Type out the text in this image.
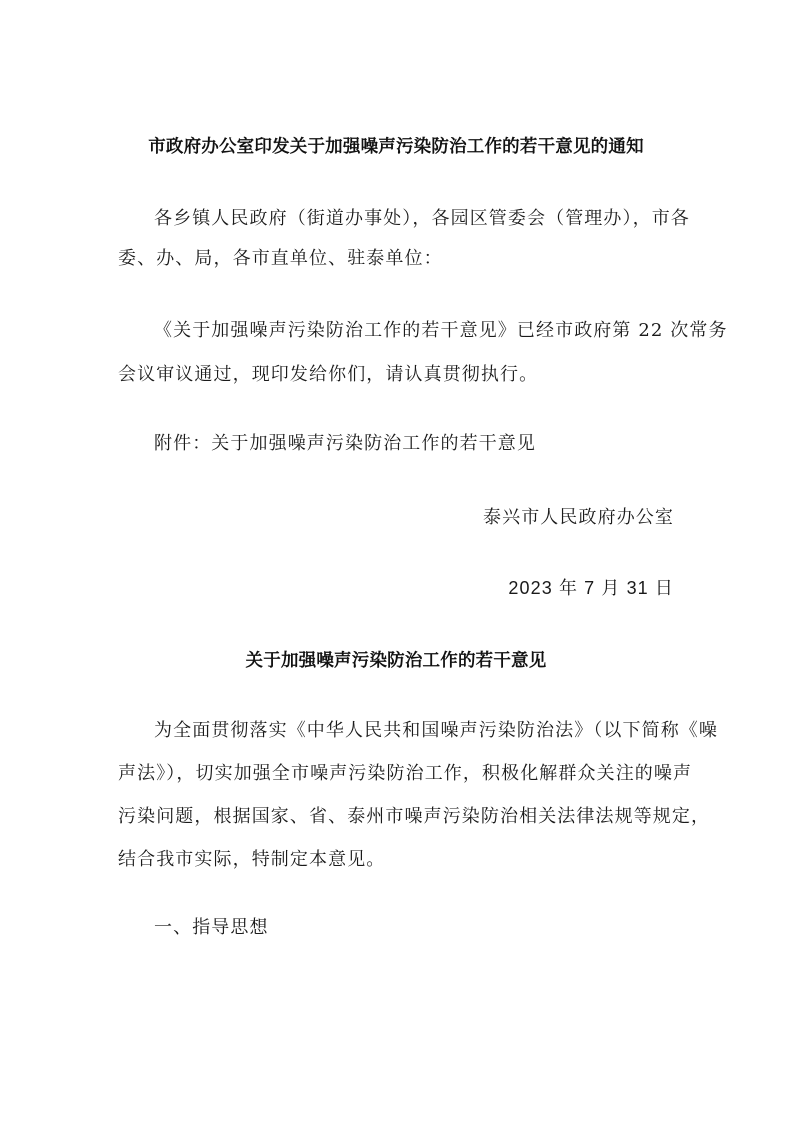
市政府办公室印发关于加强噪声污染防治工作的若干意见的通知
各乡镇人民政府（街道办事处），各园区管委会（管理办），市各
委、办、局，各市直单位、驻泰单位：
《关于加强噪声污染防治工作的若干意见》已经市政府第 22 次常务
会议审议通过，现印发给你们，请认真贯彻执行。
附件：关于加强噪声污染防治工作的若干意见
泰兴市人民政府办公室
2023 年 7 月 31 日
关于加强噪声污染防治工作的若干意见
为全面贯彻落实《中华人民共和国噪声污染防治法》（以下简称《噪
声法》），切实加强全市噪声污染防治工作，积极化解群众关注的噪声
污染问题，根据国家、省、泰州市噪声污染防治相关法律法规等规定，
结合我市实际，特制定本意见。
一、指导思想
